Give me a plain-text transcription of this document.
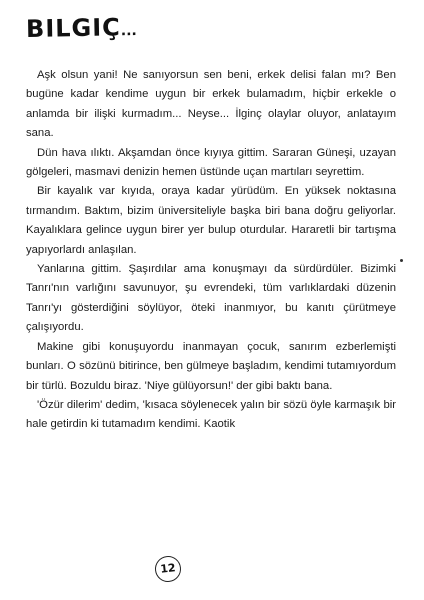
BILGIÇ...

Aşk olsun yani! Ne sanıyorsun sen beni, erkek delisi falan mı? Ben bugüne kadar kendime uygun bir erkek bulamadım, hiçbir erkekle o anlamda bir ilişki kurmadım... Neyse... İlginç olaylar oluyor, anlatayım sana.

Dün hava ılıktı. Akşamdan önce kıyıya gittim. Sararan Güneşi, uzayan gölgeleri, masmavi denizin hemen üstünde uçan martıları seyrettim.

Bir kayalık var kıyıda, oraya kadar yürüdüm. En yüksek noktasına tırmandım. Baktım, bizim üniversiteliyle başka biri bana doğru geliyorlar. Kayalıklara gelince uygun birer yer bulup oturdular. Hararetli bir tartışma yapıyorlardı anlaşılan.

Yanlarına gittim. Şaşırdılar ama konuşmayı da sürdürdüler. Bizimki Tanrı'nın varlığını savunuyor, şu evrendeki, tüm varlıklardaki düzenin Tanrı'yı gösterdiğini söylüyor, öteki inanmıyor, bu kanıtı çürütmeye çalışıyordu.

Makine gibi konuşuyordu inanmayan çocuk, sanırım ezberlemişti bunları. O sözünü bitirince, ben gülmeye başladım, kendimi tutamıyordum bir türlü. Bozuldu biraz. 'Niye gülüyorsun!' der gibi baktı bana.

'Özür dilerim' dedim, 'kısaca söylenecek yalın bir sözü öyle karmaşık bir hale getirdin ki tutamadım kendimi. Kaotik

12
